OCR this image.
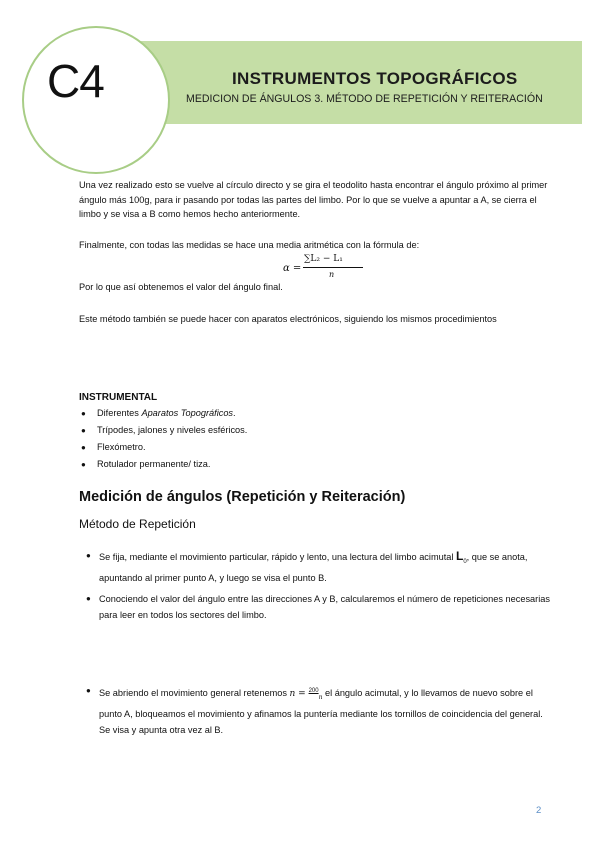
C4	INSTRUMENTOS TOPOGRÁFICOS
MEDICION DE ÁNGULOS 3. MÉTODO DE REPETICIÓN Y REITERACIÓN

Una vez realizado esto se vuelve al círculo directo y se gira el teodolito hasta encontrar el ángulo próximo al primer ángulo más 100g, para ir pasando por todas las partes del limbo. Por lo que se vuelve a apuntar a A, se cierra el limbo y se visa a B como hemos hecho anteriormente.

Finalmente, con todas las medidas se hace una media aritmética con la fórmula de:

α =
∑L₂ − L₁
n

Por lo que así obtenemos el valor del ángulo final.

Este método también se puede hacer con aparatos electrónicos, siguiendo los mismos procedimientos

INSTRUMENTAL
● Diferentes Aparatos Topográficos.
● Trípodes, jalones y niveles esféricos.
● Flexómetro.
● Rotulador permanente/ tiza.
Medición de ángulos (Repetición y Reiteración)
Método de Repetición
● Se fija, mediante el movimiento particular, rápido y lento, una lectura del limbo acimutal $L_0$, que se anota, apuntando al primer punto A, y luego se visa el punto B.
● Conociendo el valor del ángulo entre las direcciones A y B, calcularemos el número de repeticiones necesarias para leer en todos los sectores del limbo.
● Se abriendo el movimiento general retenemos n = $^{200}_n$ el ángulo acimutal, y lo llevamos de nuevo sobre el punto A, bloqueamos el movimiento y afinamos la puntería mediante los tornillos de coincidencia del general. Se visa y apunta otra vez al B.
2
